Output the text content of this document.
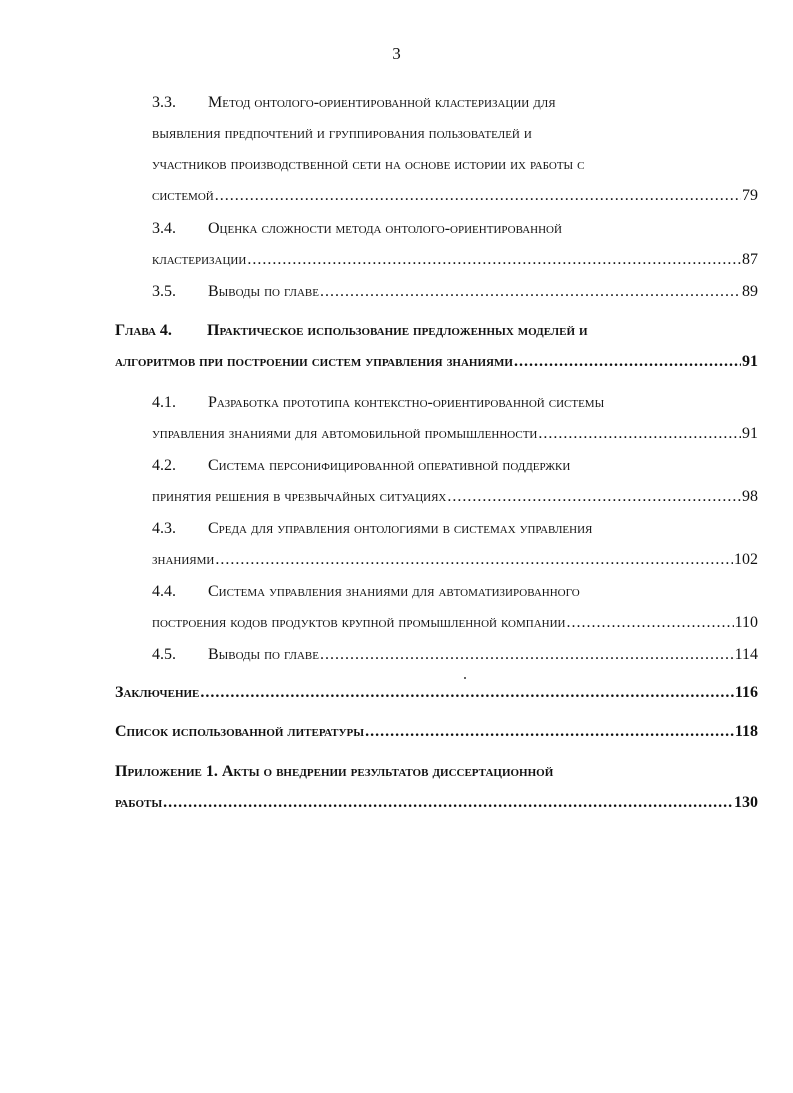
3
3.3. Метод онтолого-ориентированной кластеризации для
выявления предпочтений и группирования пользователей и
участников производственной сети на основе истории их работы с
системой .....	79
3.4. Оценка сложности метода онтолого-ориентированной
кластеризации .....	87
3.5. Выводы по главе .....	89
Глава 4. Практическое использование предложенных моделей и
алгоритмов при построении систем управления знаниями .....	91
4.1. Разработка прототипа контекстно-ориентированной системы
управления знаниями для автомобильной промышленности .....	91
4.2. Система персонифицированной оперативной поддержки
принятия решения в чрезвычайных ситуациях .....	98
4.3. Среда для управления онтологиями в системах управления
знаниями .....	102
4.4. Система управления знаниями для автоматизированного
построения кодов продуктов крупной промышленной компании .....	110
4.5. Выводы по главе .....	114
Заключение .....	116
Список использованной литературы .....	118
Приложение 1. Акты о внедрении результатов диссертационной
работы .....	130
